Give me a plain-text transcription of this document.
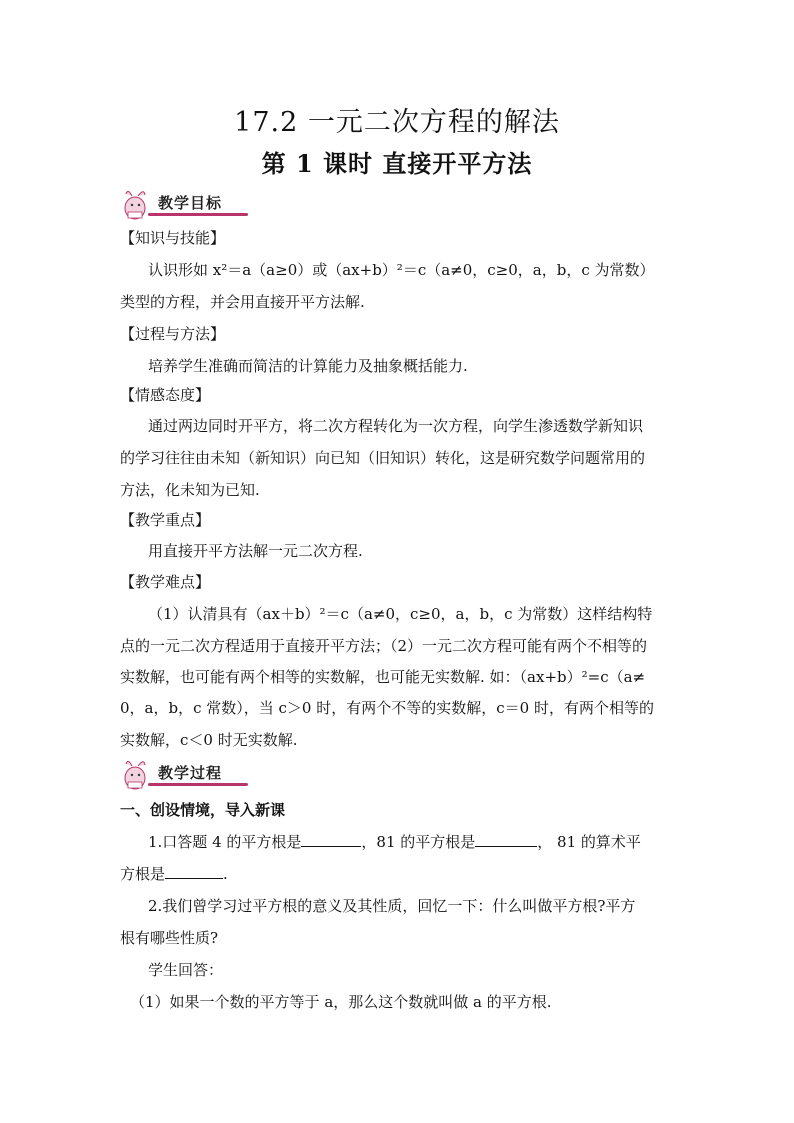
17.2 一元二次方程的解法
第 1 课时 直接开平方法
教学目标
【知识与技能】
认识形如 x²＝a（a≥0）或（ax+b）²＝c（a≠0，c≥0，a，b，c 为常数）
类型的方程，并会用直接开平方法解.
【过程与方法】
培养学生准确而简洁的计算能力及抽象概括能力.
【情感态度】
通过两边同时开平方，将二次方程转化为一次方程，向学生渗透数学新知识
的学习往往由未知（新知识）向已知（旧知识）转化，这是研究数学问题常用的
方法，化未知为已知.
【教学重点】
用直接开平方法解一元二次方程.
【教学难点】
（1）认清具有（ax＋b）²＝c（a≠0，c≥0，a，b，c 为常数）这样结构特
点的一元二次方程适用于直接开平方法；（2）一元二次方程可能有两个不相等的
实数解，也可能有两个相等的实数解，也可能无实数解. 如：（ax+b）²=c（a≠
0，a，b，c 常数），当 c＞0 时，有两个不等的实数解，c＝0 时，有两个相等的
实数解，c＜0 时无实数解.
教学过程
一、创设情境，导入新课
1.口答题 4 的平方根是	，81 的平方根是	， 81 的算术平
方根是	.
2.我们曾学习过平方根的意义及其性质，回忆一下：什么叫做平方根?平方
根有哪些性质?
学生回答：
（1）如果一个数的平方等于 a，那么这个数就叫做 a 的平方根.
